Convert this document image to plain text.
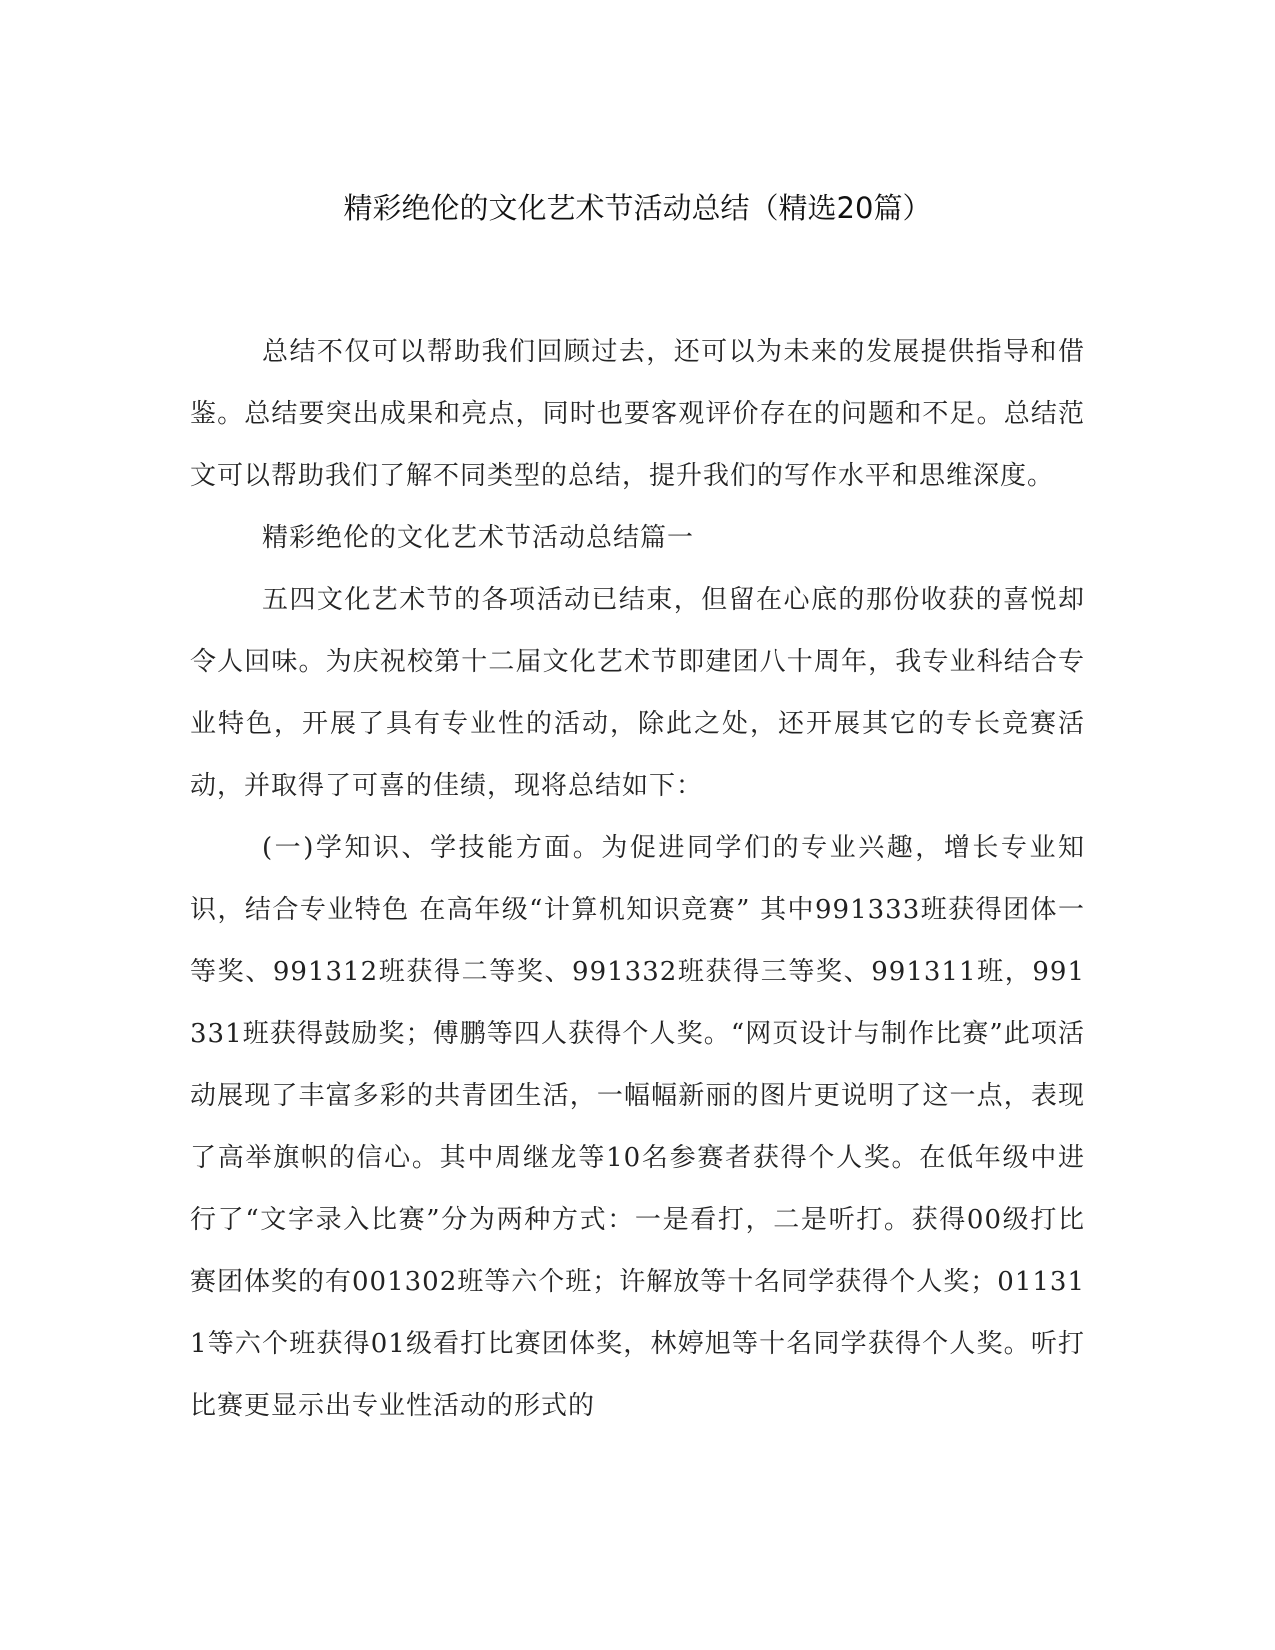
精彩绝伦的文化艺术节活动总结（精选20篇）

总结不仅可以帮助我们回顾过去，还可以为未来的发展提供指导和借鉴。总结要突出成果和亮点，同时也要客观评价存在的问题和不足。总结范文可以帮助我们了解不同类型的总结，提升我们的写作水平和思维深度。

精彩绝伦的文化艺术节活动总结篇一

五四文化艺术节的各项活动已结束，但留在心底的那份收获的喜悦却令人回味。为庆祝校第十二届文化艺术节即建团八十周年，我专业科结合专业特色，开展了具有专业性的活动，除此之处，还开展其它的专长竞赛活动，并取得了可喜的佳绩，现将总结如下：

(一)学知识、学技能方面。为促进同学们的专业兴趣，增长专业知识，结合专业特色 在高年级“计算机知识竞赛” 其中991333班获得团体一等奖、991312班获得二等奖、991332班获得三等奖、991311班，991331班获得鼓励奖；傅鹏等四人获得个人奖。“网页设计与制作比赛”此项活动展现了丰富多彩的共青团生活，一幅幅新丽的图片更说明了这一点，表现了高举旗帜的信心。其中周继龙等10名参赛者获得个人奖。在低年级中进行了“文字录入比赛”分为两种方式：一是看打，二是听打。获得00级打比赛团体奖的有001302班等六个班；许解放等十名同学获得个人奖；011311等六个班获得01级看打比赛团体奖，林婷旭等十名同学获得个人奖。听打比赛更显示出专业性活动的形式的
